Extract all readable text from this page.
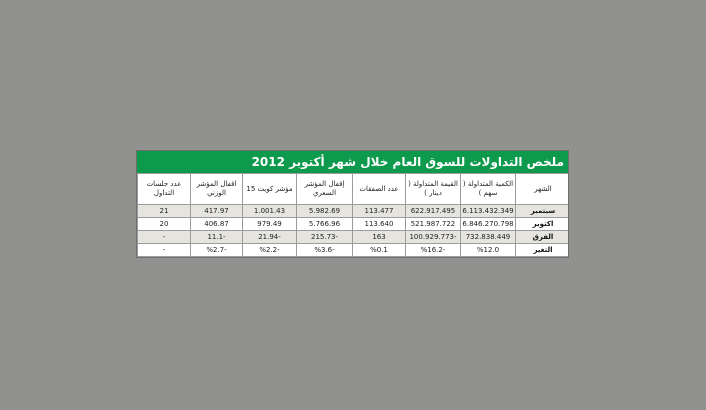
ملخص التداولات للسوق العام خلال شهر أكتوبر 2012
الشهر	الكمية المتداولة ( سهم )	القيمة المتداولة ( دينار )	عدد الصفقات	إقفال المؤشر السعري	مؤشر كويت 15	اقفال المؤشر الوزني	عدد جلسات التداول
سبتمبر	6.113.432.349	622.917.495	113.477	5.982.69	1.001.43	417.97	21
اكتوبر	6.846.270.798	521.987.722	113.640	5.766.96	979.49	406.87	20
الفرق	732.838.449	-100.929.773	163	-215.73	-21.94	-11.1	-
التغير	%12.0	-%16.2	%0.1	-%3.6	-%2.2	-%2.7	-
